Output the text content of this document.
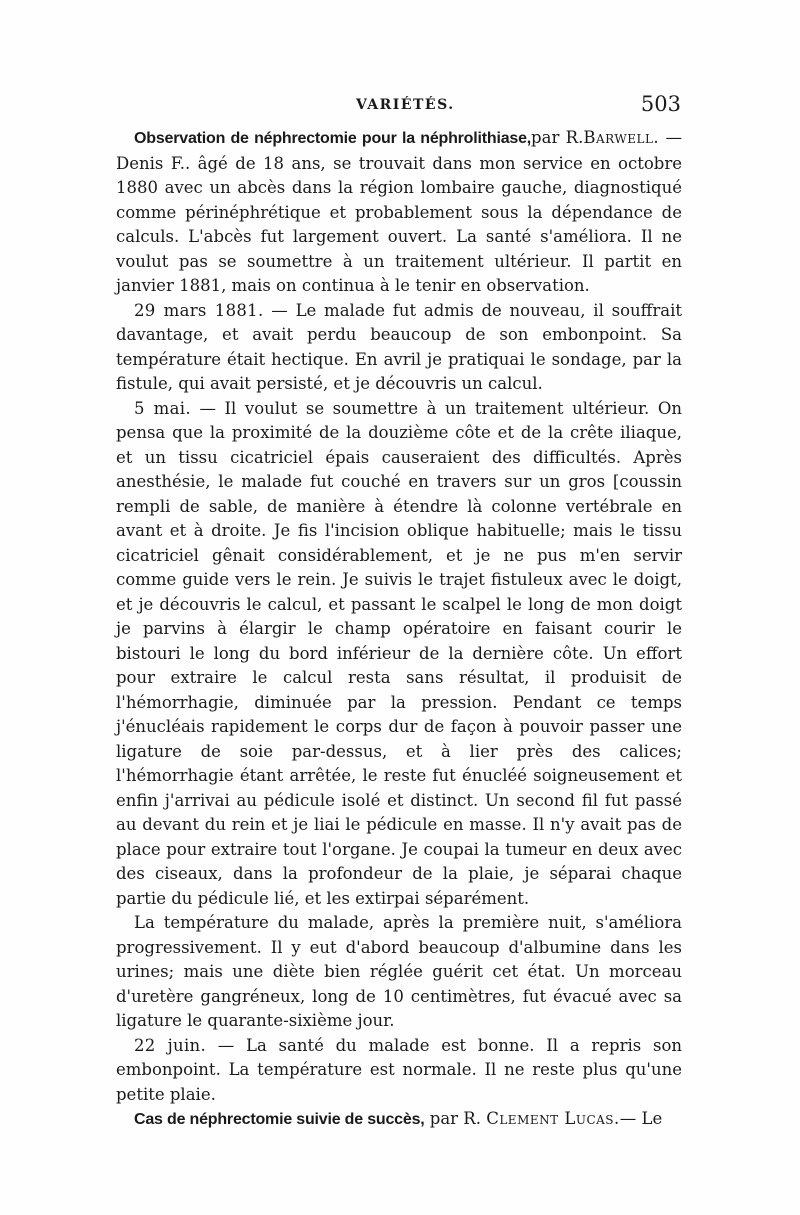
VARIÉTÉS.	503

Observation de néphrectomie pour la néphrolithiase,par R.Barwell. — Denis F.. âgé de 18 ans, se trouvait dans mon service en octobre 1880 avec un abcès dans la région lombaire gauche, diagnostiqué comme périnéphrétique et probablement sous la dépendance de calculs. L'abcès fut largement ouvert. La santé s'améliora. Il ne voulut pas se soumettre à un traitement ultérieur. Il partit en janvier 1881, mais on continua à le tenir en observation.

29 mars 1881. — Le malade fut admis de nouveau, il souffrait davantage, et avait perdu beaucoup de son embonpoint. Sa température était hectique. En avril je pratiquai le sondage, par la fistule, qui avait persisté, et je découvris un calcul.

5 mai. — Il voulut se soumettre à un traitement ultérieur. On pensa que la proximité de la douzième côte et de la crête iliaque, et un tissu cicatriciel épais causeraient des difficultés. Après anesthésie, le malade fut couché en travers sur un gros [coussin rempli de sable, de manière à étendre là colonne vertébrale en avant et à droite. Je fis l'incision oblique habituelle; mais le tissu cicatriciel gênait considérablement, et je ne pus m'en servir comme guide vers le rein. Je suivis le trajet fistuleux avec le doigt, et je découvris le calcul, et passant le scalpel le long de mon doigt je parvins à élargir le champ opératoire en faisant courir le bistouri le long du bord inférieur de la dernière côte. Un effort pour extraire le calcul resta sans résultat, il produisit de l'hémorrhagie, diminuée par la pression. Pendant ce temps j'énucléais rapidement le corps dur de façon à pouvoir passer une ligature de soie par-dessus, et à lier près des calices; l'hémorrhagie étant arrêtée, le reste fut énucléé soigneusement et enfin j'arrivai au pédicule isolé et distinct. Un second fil fut passé au devant du rein et je liai le pédicule en masse. Il n'y avait pas de place pour extraire tout l'organe. Je coupai la tumeur en deux avec des ciseaux, dans la profondeur de la plaie, je séparai chaque partie du pédicule lié, et les extirpai séparément.

La température du malade, après la première nuit, s'améliora progressivement. Il y eut d'abord beaucoup d'albumine dans les urines; mais une diète bien réglée guérit cet état. Un morceau d'uretère gangréneux, long de 10 centimètres, fut évacué avec sa ligature le quarante-sixième jour.

22 juin. — La santé du malade est bonne. Il a repris son embonpoint. La température est normale. Il ne reste plus qu'une petite plaie.

Cas de néphrectomie suivie de succès, par R. Clement Lucas.— Le
